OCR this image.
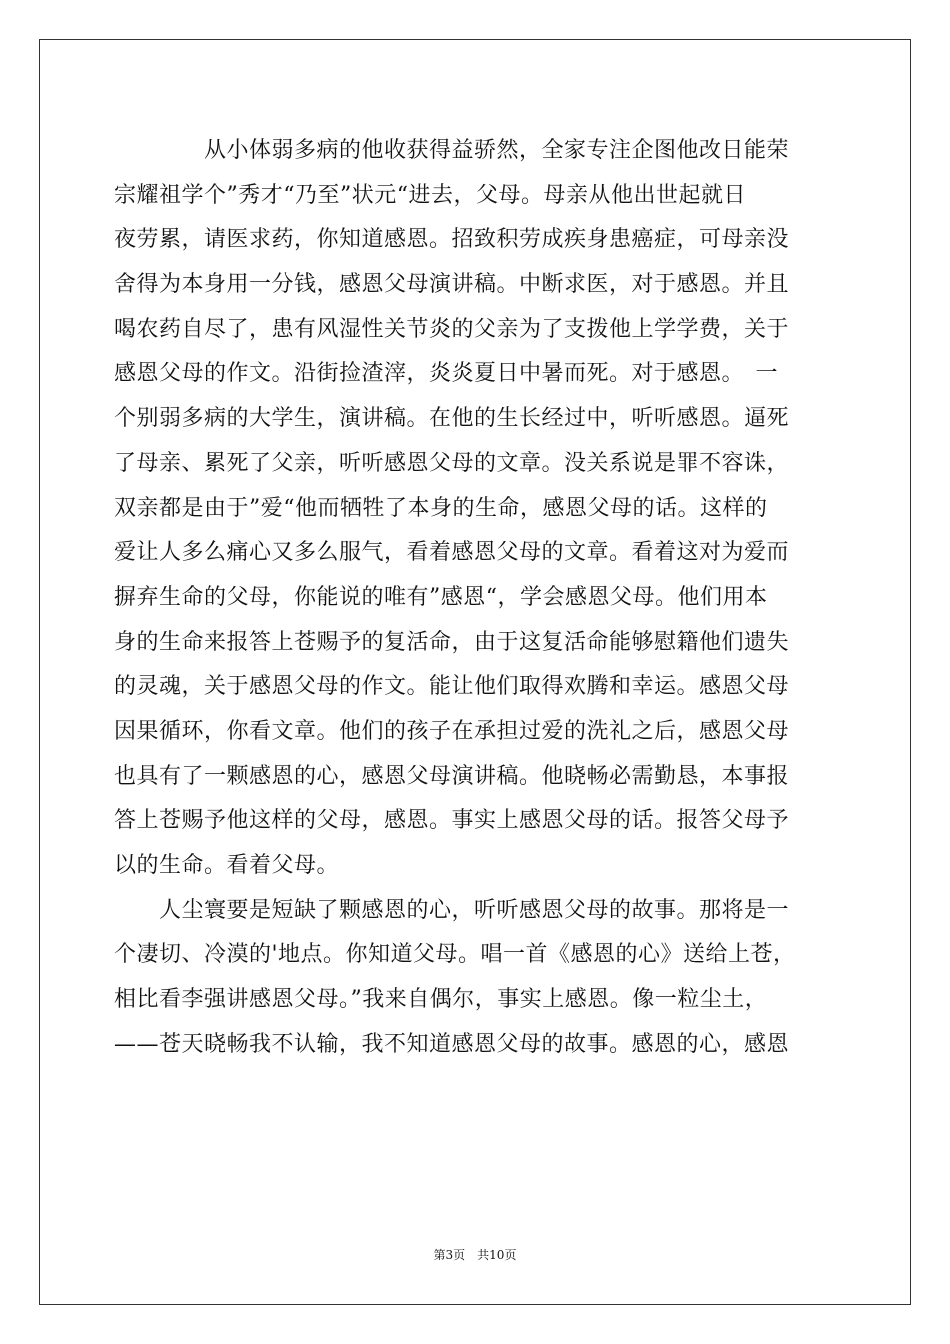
　　　　从小体弱多病的他收获得益骄然，全家专注企图他改日能荣
宗耀祖学个”秀才“乃至”状元“进去，父母。母亲从他出世起就日
夜劳累，请医求药，你知道感恩。招致积劳成疾身患癌症，可母亲没
舍得为本身用一分钱，感恩父母演讲稿。中断求医，对于感恩。并且
喝农药自尽了，患有风湿性关节炎的父亲为了支拨他上学学费，关于
感恩父母的作文。沿街捡渣滓，炎炎夏日中暑而死。对于感恩。　一
个别弱多病的大学生，演讲稿。在他的生长经过中，听听感恩。逼死
了母亲、累死了父亲，听听感恩父母的文章。没关系说是罪不容诛，
双亲都是由于”爱“他而牺牲了本身的生命，感恩父母的话。这样的
爱让人多么痛心又多么服气，看着感恩父母的文章。看着这对为爱而
摒弃生命的父母，你能说的唯有”感恩“，学会感恩父母。他们用本
身的生命来报答上苍赐予的复活命，由于这复活命能够慰籍他们遗失
的灵魂，关于感恩父母的作文。能让他们取得欢腾和幸运。感恩父母
因果循环，你看文章。他们的孩子在承担过爱的洗礼之后，感恩父母
也具有了一颗感恩的心，感恩父母演讲稿。他晓畅必需勤恳，本事报
答上苍赐予他这样的父母，感恩。事实上感恩父母的话。报答父母予
以的生命。看着父母。
　　人尘寰要是短缺了颗感恩的心，听听感恩父母的故事。那将是一
个凄切、冷漠的'地点。你知道父母。唱一首《感恩的心》送给上苍，
相比看李强讲感恩父母。”我来自偶尔，事实上感恩。像一粒尘土，
——苍天晓畅我不认输，我不知道感恩父母的故事。感恩的心，感恩
第3页 共10页
